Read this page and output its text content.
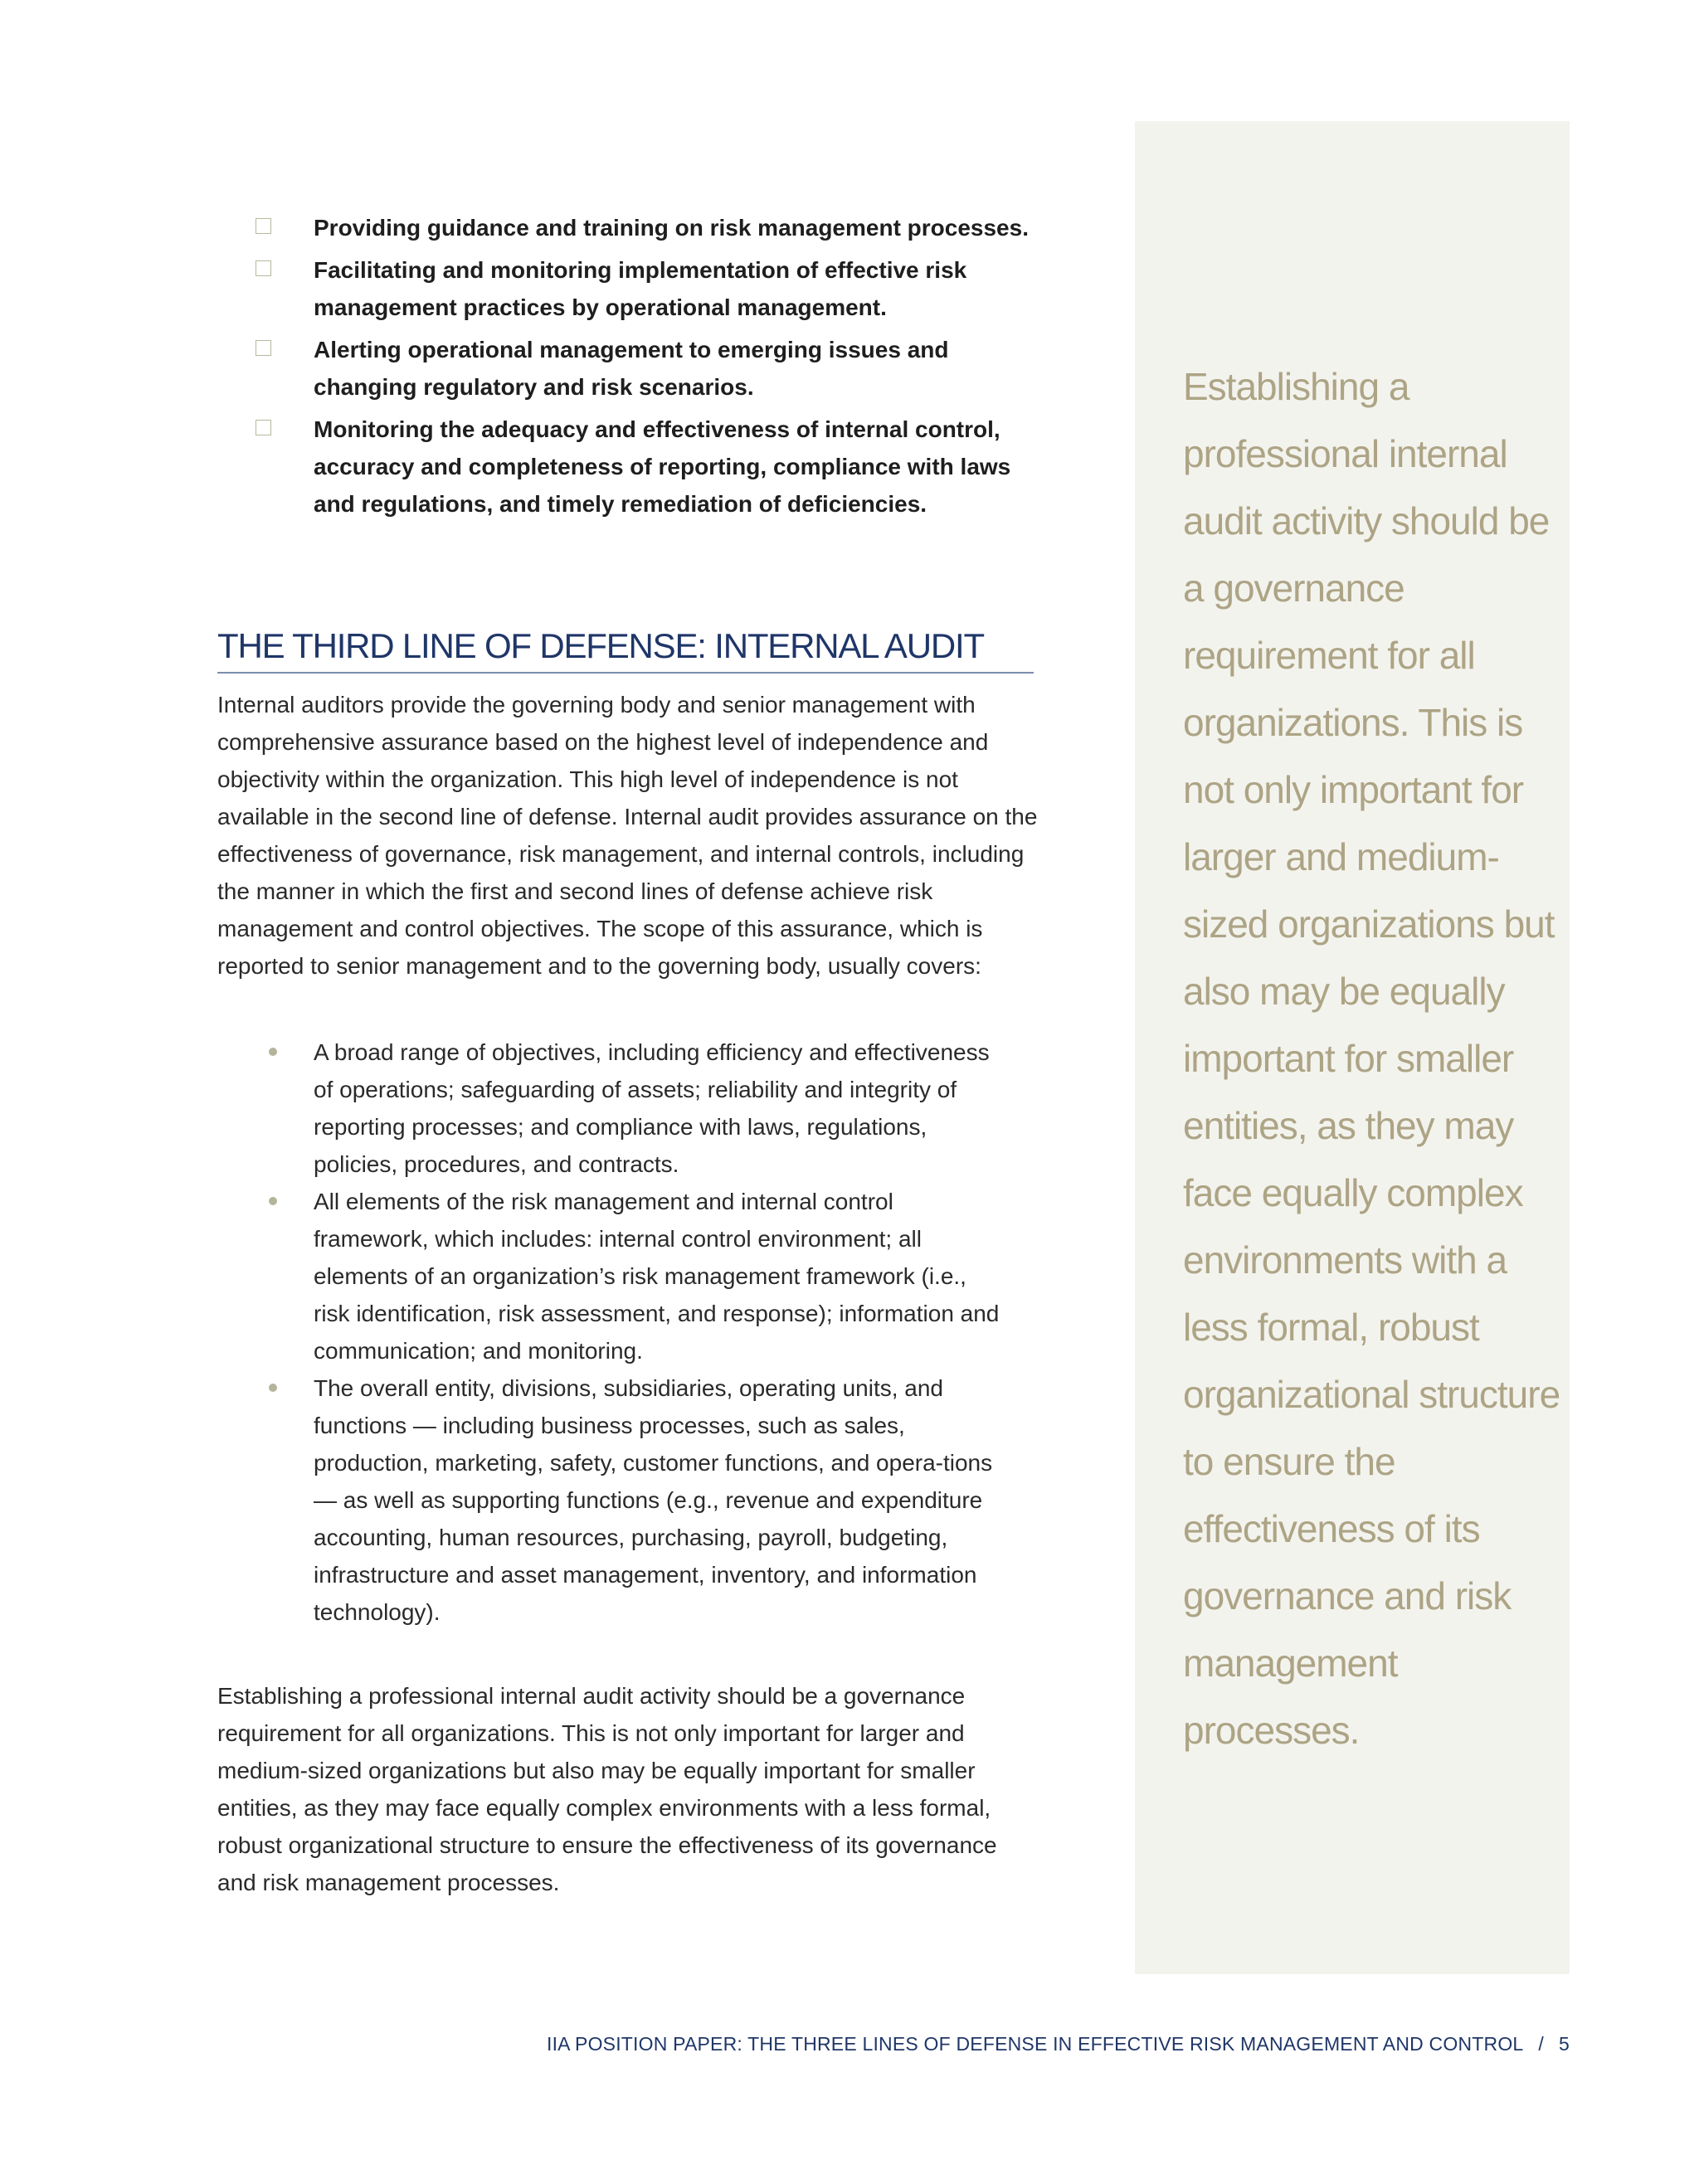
Providing guidance and training on risk management processes.
Facilitating and monitoring implementation of effective risk management practices by operational management.
Alerting operational management to emerging issues and changing regulatory and risk scenarios.
Monitoring the adequacy and effectiveness of internal control, accuracy and completeness of reporting, compliance with laws and regulations, and timely remediation of deficiencies.
THE THIRD LINE OF DEFENSE: INTERNAL AUDIT

Internal auditors provide the governing body and senior management with comprehensive assurance based on the highest level of independence and objectivity within the organization. This high level of independence is not available in the second line of defense. Internal audit provides assurance on the effectiveness of governance, risk management, and internal controls, including the manner in which the first and second lines of defense achieve risk management and control objectives. The scope of this assurance, which is reported to senior management and to the governing body, usually covers:

A broad range of objectives, including efficiency and effectiveness of operations; safeguarding of assets; reliability and integrity of reporting processes; and compliance with laws, regulations, policies, procedures, and contracts.
All elements of the risk management and internal control framework, which includes: internal control environment; all elements of an organization’s risk management framework (i.e., risk identification, risk assessment, and response); information and communication; and monitoring.
The overall entity, divisions, subsidiaries, operating units, and functions — including business processes, such as sales, production, marketing, safety, customer functions, and opera-tions — as well as supporting functions (e.g., revenue and expenditure accounting, human resources, purchasing, payroll, budgeting, infrastructure and asset management, inventory, and information technology).

Establishing a professional internal audit activity should be a governance requirement for all organizations. This is not only important for larger and medium-sized organizations but also may be equally important for smaller entities, as they may face equally complex environments with a less formal, robust organizational structure to ensure the effectiveness of its governance and risk management processes.

Establishing a professional internal audit activity should be a governance requirement for all organizations. This is not only important for larger and medium-sized organizations but also may be equally important for smaller entities, as they may face equally complex environments with a less formal, robust organizational structure to ensure the effectiveness of its governance and risk management processes.

IIA POSITION PAPER: THE THREE LINES OF DEFENSE IN EFFECTIVE RISK MANAGEMENT AND CONTROL / 5
